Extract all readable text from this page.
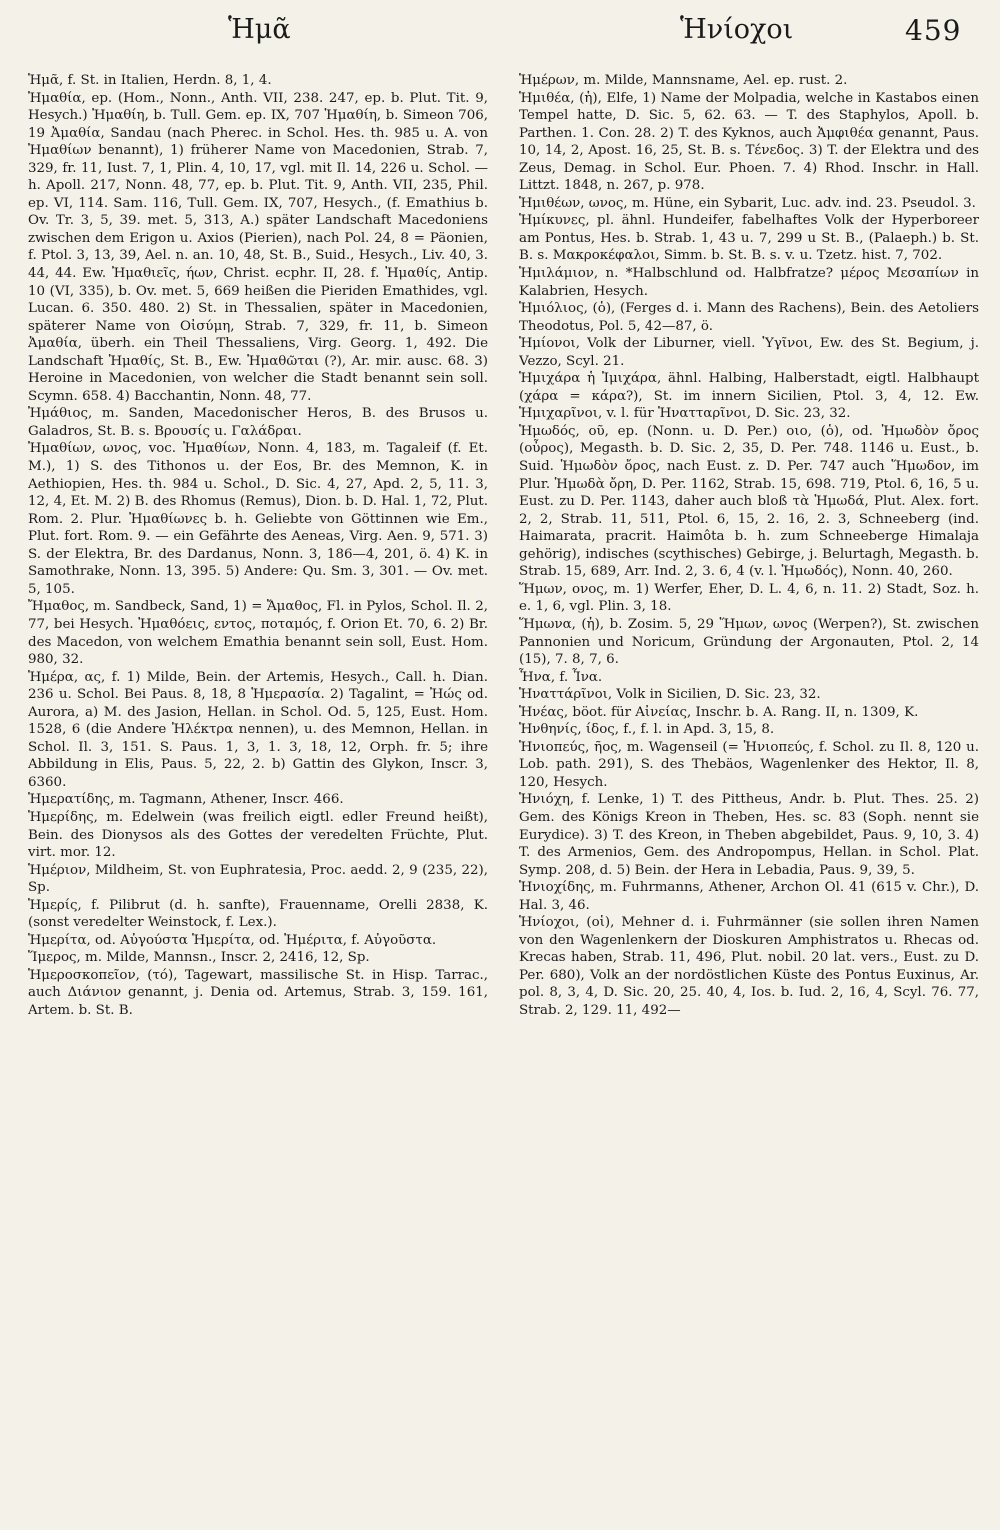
Ἡμᾶ	Ἡνίοχοι	459

Ἡμᾶ, f. St. in Italien, Herdn. 8, 1, 4.

Ἠμαθία, ep. (Hom., Nonn., Anth. VII, 238. 247, ep. b. Plut. Tit. 9, Hesych.) Ἠμαθίη, b. Tull. Gem. ep. IX, 707 Ἡμαθίη, b. Simeon 706, 19 Ἀμαθία, Sandau (nach Pherec. in Schol. Hes. th. 985 u. A. von Ἠμαθίων benannt), 1) früherer Name von Macedonien, Strab. 7, 329, fr. 11, Iust. 7, 1, Plin. 4, 10, 17, vgl. mit Il. 14, 226 u. Schol. — h. Apoll. 217, Nonn. 48, 77, ep. b. Plut. Tit. 9, Anth. VII, 235, Phil. ep. VI, 114. Sam. 116, Tull. Gem. IX, 707, Hesych., (f. Emathius b. Ov. Tr. 3, 5, 39. met. 5, 313, A.) später Landschaft Macedoniens zwischen dem Erigon u. Axios (Pierien), nach Pol. 24, 8 = Päonien, f. Ptol. 3, 13, 39, Ael. n. an. 10, 48, St. B., Suid., Hesych., Liv. 40, 3. 44, 44. Ew. Ἠμαθιεῖς, ήων, Christ. ecphr. II, 28. f. Ἠμαθίς, Antip. 10 (VI, 335), b. Ov. met. 5, 669 heißen die Pieriden Emathides, vgl. Lucan. 6. 350. 480. 2) St. in Thessalien, später in Macedonien, späterer Name von Οἰσύμη, Strab. 7, 329, fr. 11, b. Simeon Ἀμαθία, überh. ein Theil Thessaliens, Virg. Georg. 1, 492. Die Landschaft Ἠμαθίς, St. B., Ew. Ἠμαθῶται (?), Ar. mir. ausc. 68. 3) Heroine in Macedonien, von welcher die Stadt benannt sein soll. Scymn. 658. 4) Bacchantin, Nonn. 48, 77.

Ἠμάθιος, m. Sanden, Macedonischer Heros, B. des Brusos u. Galadros, St. B. s. Βρουσίς u. Γαλάδραι.

Ἠμαθίων, ωνος, voc. Ἠμαθίων, Nonn. 4, 183, m. Tagaleif (f. Et. M.), 1) S. des Tithonos u. der Eos, Br. des Memnon, K. in Aethiopien, Hes. th. 984 u. Schol., D. Sic. 4, 27, Apd. 2, 5, 11. 3, 12, 4, Et. M. 2) B. des Rhomus (Remus), Dion. b. D. Hal. 1, 72, Plut. Rom. 2. Plur. Ἠμαθίωνες b. h. Geliebte von Göttinnen wie Em., Plut. fort. Rom. 9. — ein Gefährte des Aeneas, Virg. Aen. 9, 571. 3) S. der Elektra, Br. des Dardanus, Nonn. 3, 186—4, 201, ö. 4) K. in Samothrake, Nonn. 13, 395. 5) Andere: Qu. Sm. 3, 301. — Ov. met. 5, 105.

Ἤμαθος, m. Sandbeck, Sand, 1) = Ἄμαθος, Fl. in Pylos, Schol. Il. 2, 77, bei Hesych. Ἠμαθόεις, εντος, ποταμός, f. Orion Et. 70, 6. 2) Br. des Macedon, von welchem Emathia benannt sein soll, Eust. Hom. 980, 32.

Ἡμέρα, ας, f. 1) Milde, Bein. der Artemis, Hesych., Call. h. Dian. 236 u. Schol. Bei Paus. 8, 18, 8 Ἡμερασία. 2) Tagalint, = Ἠώς od. Aurora, a) M. des Jasion, Hellan. in Schol. Od. 5, 125, Eust. Hom. 1528, 6 (die Andere Ἠλέκτρα nennen), u. des Memnon, Hellan. in Schol. Il. 3, 151. S. Paus. 1, 3, 1. 3, 18, 12, Orph. fr. 5; ihre Abbildung in Elis, Paus. 5, 22, 2. b) Gattin des Glykon, Inscr. 3, 6360.

Ἡμερατίδης, m. Tagmann, Athener, Inscr. 466.

Ἡμερίδης, m. Edelwein (was freilich eigtl. edler Freund heißt), Bein. des Dionysos als des Gottes der veredelten Früchte, Plut. virt. mor. 12.

Ἡμέριον, Mildheim, St. von Euphratesia, Proc. aedd. 2, 9 (235, 22), Sp.

Ἡμερίς, f. Pilibrut (d. h. sanfte), Frauenname, Orelli 2838, K. (sonst veredelter Weinstock, f. Lex.).

Ἡμερίτα, od. Αὐγούστα Ἡμερίτα, od. Ἠμέριτα, f. Αὐγοῦστα.

Ἵμερος, m. Milde, Mannsn., Inscr. 2, 2416, 12, Sp.

Ἡμεροσκοπεῖον, (τό), Tagewart, massilische St. in Hisp. Tarrac., auch Διάνιον genannt, j. Denia od. Artemus, Strab. 3, 159. 161, Artem. b. St. B.

Ἡμέρων, m. Milde, Mannsname, Ael. ep. rust. 2.

Ἡμιθέα, (ἡ), Elfe, 1) Name der Molpadia, welche in Kastabos einen Tempel hatte, D. Sic. 5, 62. 63. — T. des Staphylos, Apoll. b. Parthen. 1. Con. 28. 2) T. des Kyknos, auch Ἀμφιθέα genannt, Paus. 10, 14, 2, Apost. 16, 25, St. B. s. Τένεδος. 3) T. der Elektra und des Zeus, Demag. in Schol. Eur. Phoen. 7. 4) Rhod. Inschr. in Hall. Littzt. 1848, n. 267, p. 978.

Ἡμιθέων, ωνος, m. Hüne, ein Sybarit, Luc. adv. ind. 23. Pseudol. 3.

Ἡμίκυνες, pl. ähnl. Hundeifer, fabelhaftes Volk der Hyperboreer am Pontus, Hes. b. Strab. 1, 43 u. 7, 299 u St. B., (Palaeph.) b. St. B. s. Μακροκέφαλοι, Simm. b. St. B. s. v. u. Tzetz. hist. 7, 702.

Ἡμιλάμιον, n. *Halbschlund od. Halbfratze? μέρος Μεσαπίων in Kalabrien, Hesych.

Ἡμιόλιος, (ὁ), (Ferges d. i. Mann des Rachens), Bein. des Aetoliers Theodotus, Pol. 5, 42—87, ö.

Ἡμίονοι, Volk der Liburner, viell. Ὑγῖνοι, Ew. des St. Begium, j. Vezzo, Scyl. 21.

Ἡμιχάρα ἡ Ἰμιχάρα, ähnl. Halbing, Halberstadt, eigtl. Halbhaupt (χάρα = κάρα?), St. im innern Sicilien, Ptol. 3, 4, 12. Ew. Ἡμιχαρῖνοι, v. l. für Ἡνατταρῖνοι, D. Sic. 23, 32.

Ἡμωδός, οῦ, ep. (Nonn. u. D. Per.) οιο, (ὁ), od. Ἠμωδὸν ὄρος (οὖρος), Megasth. b. D. Sic. 2, 35, D. Per. 748. 1146 u. Eust., b. Suid. Ἡμωδὸν ὄρος, nach Eust. z. D. Per. 747 auch Ἥμωδον, im Plur. Ἡμωδὰ ὄρη, D. Per. 1162, Strab. 15, 698. 719, Ptol. 6, 16, 5 u. Eust. zu D. Per. 1143, daher auch bloß τὰ Ἡμωδά, Plut. Alex. fort. 2, 2, Strab. 11, 511, Ptol. 6, 15, 2. 16, 2. 3, Schneeberg (ind. Haimarata, pracrit. Haimôta b. h. zum Schneeberge Himalaja gehörig), indisches (scythisches) Gebirge, j. Belurtagh, Megasth. b. Strab. 15, 689, Arr. Ind. 2, 3. 6, 4 (v. l. Ἡμωδός), Nonn. 40, 260.

Ἥμων, ονος, m. 1) Werfer, Eher, D. L. 4, 6, n. 11. 2) Stadt, Soz. h. e. 1, 6, vgl. Plin. 3, 18.

Ἥμωνα, (ἡ), b. Zosim. 5, 29 Ἥμων, ωνος (Werpen?), St. zwischen Pannonien und Noricum, Gründung der Argonauten, Ptol. 2, 14 (15), 7. 8, 7, 6.

Ἧνα, f. Ἶνα.

Ἡναττάρῖνοι, Volk in Sicilien, D. Sic. 23, 32.

Ἡνέας, böot. für Αἰνείας, Inschr. b. A. Rang. II, n. 1309, K.

Ἡνθηνίς, ίδος, f., f. l. in Apd. 3, 15, 8.

Ἡνιοπεύς, ῆος, m. Wagenseil (= Ἡνιοπεύς, f. Schol. zu Il. 8, 120 u. Lob. path. 291), S. des Thebäos, Wagenlenker des Hektor, Il. 8, 120, Hesych.

Ἡνιόχη, f. Lenke, 1) T. des Pittheus, Andr. b. Plut. Thes. 25. 2) Gem. des Königs Kreon in Theben, Hes. sc. 83 (Soph. nennt sie Eurydice). 3) T. des Kreon, in Theben abgebildet, Paus. 9, 10, 3. 4) T. des Armenios, Gem. des Andropompus, Hellan. in Schol. Plat. Symp. 208, d. 5) Bein. der Hera in Lebadia, Paus. 9, 39, 5.

Ἡνιοχίδης, m. Fuhrmanns, Athener, Archon Ol. 41 (615 v. Chr.), D. Hal. 3, 46.

Ἡνίοχοι, (οἱ), Mehner d. i. Fuhrmänner (sie sollen ihren Namen von den Wagenlenkern der Dioskuren Amphistratos u. Rhecas od. Krecas haben, Strab. 11, 496, Plut. nobil. 20 lat. vers., Eust. zu D. Per. 680), Volk an der nordöstlichen Küste des Pontus Euxinus, Ar. pol. 8, 3, 4, D. Sic. 20, 25. 40, 4, Ios. b. Iud. 2, 16, 4, Scyl. 76. 77, Strab. 2, 129. 11, 492—
